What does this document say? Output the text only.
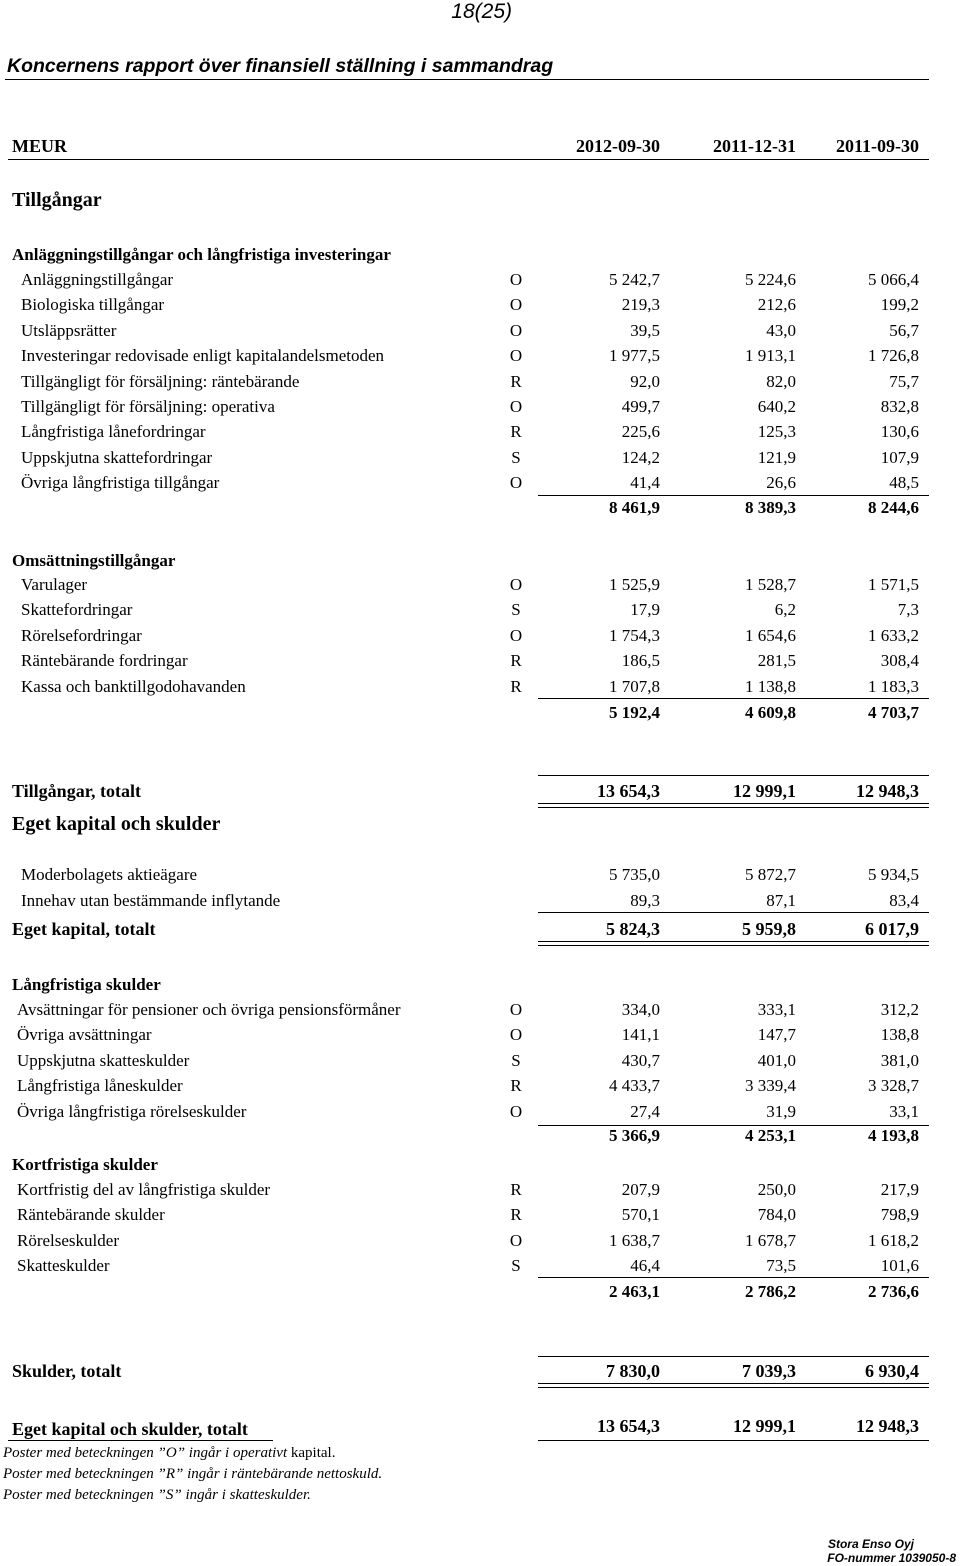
18(25)
Koncernens rapport över finansiell ställning i sammandrag
MEUR	2012-09-30	2011-12-31	2011-09-30
Tillgångar
Anläggningstillgångar och långfristiga investeringar
Anläggningstillgångar	O	5 242,7	5 224,6	5 066,4
Biologiska tillgångar	O	219,3	212,6	199,2
Utsläppsrätter	O	39,5	43,0	56,7
Investeringar redovisade enligt kapitalandelsmetoden	O	1 977,5	1 913,1	1 726,8
Tillgängligt för försäljning: räntebärande	R	92,0	82,0	75,7
Tillgängligt för försäljning: operativa	O	499,7	640,2	832,8
Långfristiga lånefordringar	R	225,6	125,3	130,6
Uppskjutna skattefordringar	S	124,2	121,9	107,9
Övriga långfristiga tillgångar	O	41,4	26,6	48,5
8 461,9	8 389,3	8 244,6
Omsättningstillgångar
Varulager	O	1 525,9	1 528,7	1 571,5
Skattefordringar	S	17,9	6,2	7,3
Rörelsefordringar	O	1 754,3	1 654,6	1 633,2
Räntebärande fordringar	R	186,5	281,5	308,4
Kassa och banktillgodohavanden	R	1 707,8	1 138,8	1 183,3
5 192,4	4 609,8	4 703,7
Tillgångar, totalt	13 654,3	12 999,1	12 948,3
Eget kapital och skulder
Moderbolagets aktieägare	5 735,0	5 872,7	5 934,5
Innehav utan bestämmande inflytande	89,3	87,1	83,4
Eget kapital, totalt	5 824,3	5 959,8	6 017,9
Långfristiga skulder
Avsättningar för pensioner och övriga pensionsförmåner	O	334,0	333,1	312,2
Övriga avsättningar	O	141,1	147,7	138,8
Uppskjutna skatteskulder	S	430,7	401,0	381,0
Långfristiga låneskulder	R	4 433,7	3 339,4	3 328,7
Övriga långfristiga rörelseskulder	O	27,4	31,9	33,1
5 366,9	4 253,1	4 193,8
Kortfristiga skulder
Kortfristig del av långfristiga skulder	R	207,9	250,0	217,9
Räntebärande skulder	R	570,1	784,0	798,9
Rörelseskulder	O	1 638,7	1 678,7	1 618,2
Skatteskulder	S	46,4	73,5	101,6
2 463,1	2 786,2	2 736,6
Skulder, totalt	7 830,0	7 039,3	6 930,4
Eget kapital och skulder, totalt	13 654,3	12 999,1	12 948,3
Poster med beteckningen ”O” ingår i operativt kapital.
Poster med beteckningen ”R” ingår i räntebärande nettoskuld.
Poster med beteckningen ”S” ingår i skatteskulder.
Stora Enso Oyj
FO-nummer 1039050-8
